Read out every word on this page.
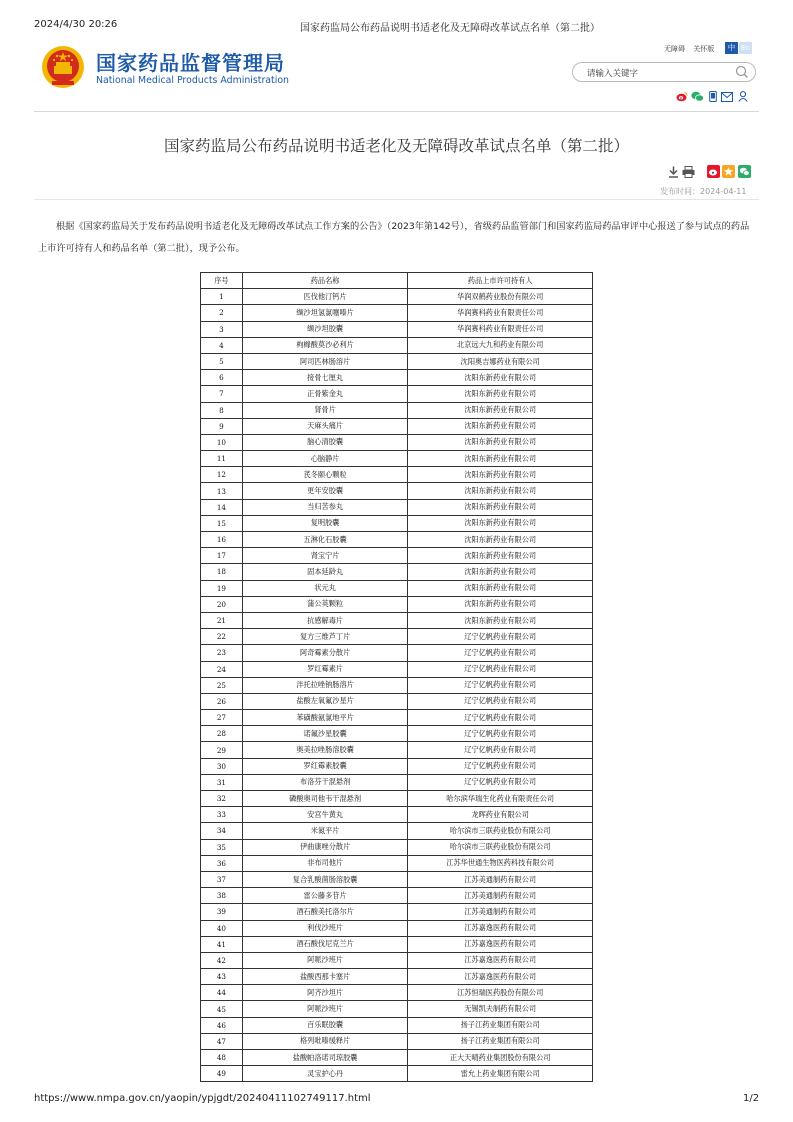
2024/4/30 20:26	国家药监局公布药品说明书适老化及无障碍改革试点名单（第二批）
国家药品监督管理局
National Medical Products Administration
无障碍 关怀版	中 En
请输入关键字
国家药监局公布药品说明书适老化及无障碍改革试点名单（第二批）
发布时间：2024-04-11
根据《国家药监局关于发布药品说明书适老化及无障碍改革试点工作方案的公告》（2023年第142号），省级药品监管部门和国家药监局药品审评中心报送了参与试点的药品上市许可持有人和药品名单（第二批），现予公布。
序号	药品名称	药品上市许可持有人
1	匹伐他汀钙片	华润双鹤药业股份有限公司
2	缬沙坦氢氯噻嗪片	华润赛科药业有限责任公司
3	缬沙坦胶囊	华润赛科药业有限责任公司
4	枸橼酸莫沙必利片	北京远大九和药业有限公司
5	阿司匹林肠溶片	沈阳奥吉娜药业有限公司
6	接骨七厘丸	沈阳东新药业有限公司
7	正骨紫金丸	沈阳东新药业有限公司
8	肾骨片	沈阳东新药业有限公司
9	天麻头痛片	沈阳东新药业有限公司
10	脑心清胶囊	沈阳东新药业有限公司
11	心脑静片	沈阳东新药业有限公司
12	芪冬颐心颗粒	沈阳东新药业有限公司
13	更年安胶囊	沈阳东新药业有限公司
14	当归苦参丸	沈阳东新药业有限公司
15	复明胶囊	沈阳东新药业有限公司
16	五淋化石胶囊	沈阳东新药业有限公司
17	肾宝宁片	沈阳东新药业有限公司
18	固本延龄丸	沈阳东新药业有限公司
19	状元丸	沈阳东新药业有限公司
20	蒲公英颗粒	沈阳东新药业有限公司
21	抗感解毒片	沈阳东新药业有限公司
22	复方三维芦丁片	辽宁亿帆药业有限公司
23	阿奇霉素分散片	辽宁亿帆药业有限公司
24	罗红霉素片	辽宁亿帆药业有限公司
25	泮托拉唑钠肠溶片	辽宁亿帆药业有限公司
26	盐酸左氧氟沙星片	辽宁亿帆药业有限公司
27	苯磺酸氨氯地平片	辽宁亿帆药业有限公司
28	诺氟沙星胶囊	辽宁亿帆药业有限公司
29	奥美拉唑肠溶胶囊	辽宁亿帆药业有限公司
30	罗红霉素胶囊	辽宁亿帆药业有限公司
31	布洛芬干混悬剂	辽宁亿帆药业有限公司
32	磷酸奥司他韦干混悬剂	哈尔滨华瑞生化药业有限责任公司
33	安宫牛黄丸	龙晖药业有限公司
34	米氮平片	哈尔滨市三联药业股份有限公司
35	伊曲康唑分散片	哈尔滨市三联药业股份有限公司
36	非布司他片	江苏华世通生物医药科技有限公司
37	复合乳酸菌肠溶胶囊	江苏美通制药有限公司
38	雷公藤多苷片	江苏美通制药有限公司
39	酒石酸美托洛尔片	江苏美通制药有限公司
40	利伐沙班片	江苏嘉逸医药有限公司
41	酒石酸伐尼克兰片	江苏嘉逸医药有限公司
42	阿哌沙班片	江苏嘉逸医药有限公司
43	盐酸西那卡塞片	江苏嘉逸医药有限公司
44	阿齐沙坦片	江苏恒瑞医药股份有限公司
45	阿哌沙班片	无锡凯夫制药有限公司
46	百乐眠胶囊	扬子江药业集团有限公司
47	格列吡嗪缓释片	扬子江药业集团有限公司
48	盐酸帕洛诺司琼胶囊	正大天晴药业集团股份有限公司
49	灵宝护心丹	雷允上药业集团有限公司
https://www.nmpa.gov.cn/yaopin/ypjgdt/20240411102749117.html	1/2
